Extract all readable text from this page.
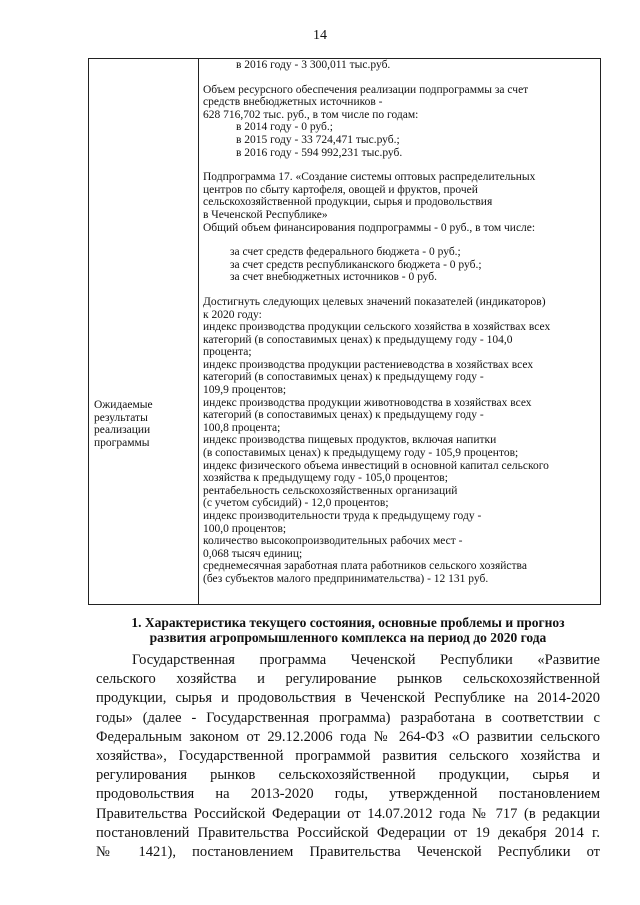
14
Ожидаемые
результаты
реализации
программы
в 2016 году - 3 300,011 тыс.руб.
Объем ресурсного обеспечения реализации подпрограммы за счет
средств внебюджетных источников -
628 716,702 тыс. руб., в том числе по годам:
в 2014 году - 0 руб.;
в 2015 году - 33 724,471 тыс.руб.;
в 2016 году - 594 992,231 тыс.руб.
Подпрограмма 17. «Создание системы оптовых распределительных
центров по сбыту картофеля, овощей и фруктов, прочей
сельскохозяйственной продукции, сырья и продовольствия
в Чеченской Республике»
Общий объем финансирования подпрограммы - 0 руб., в том числе:
за счет средств федерального бюджета - 0 руб.;
за счет средств республиканского бюджета - 0 руб.;
за счет внебюджетных источников - 0 руб.
Достигнуть следующих целевых значений показателей (индикаторов)
к 2020 году:
индекс производства продукции сельского хозяйства в хозяйствах всех
категорий (в сопоставимых ценах) к предыдущему году - 104,0
процента;
индекс производства продукции растениеводства в хозяйствах всех
категорий (в сопоставимых ценах) к предыдущему году -
109,9 процентов;
индекс производства продукции животноводства в хозяйствах всех
категорий (в сопоставимых ценах) к предыдущему году -
100,8 процента;
индекс производства пищевых продуктов, включая напитки
(в сопоставимых ценах) к предыдущему году - 105,9 процентов;
индекс физического объема инвестиций в основной капитал сельского
хозяйства к предыдущему году - 105,0 процентов;
рентабельность сельскохозяйственных организаций
(с учетом субсидий) - 12,0 процентов;
индекс производительности труда к предыдущему году -
100,0 процентов;
количество высокопроизводительных рабочих мест -
0,068 тысяч единиц;
среднемесячная заработная плата работников сельского хозяйства
(без субъектов малого предпринимательства) - 12 131 руб.
1. Характеристика текущего состояния, основные проблемы и прогноз
развития агропромышленного комплекса на период до 2020 года
Государственная программа Чеченской Республики «Развитие
сельского хозяйства и регулирование рынков сельскохозяйственной
продукции, сырья и продовольствия в Чеченской Республике на 2014-2020
годы» (далее - Государственная программа) разработана в соответствии с
Федеральным законом от 29.12.2006 года № 264-ФЗ «О развитии сельского
хозяйства», Государственной программой развития сельского хозяйства и
регулирования рынков сельскохозяйственной продукции, сырья и
продовольствия на 2013-2020 годы, утвержденной постановлением
Правительства Российской Федерации от 14.07.2012 года № 717 (в редакции
постановлений Правительства Российской Федерации от 19 декабря 2014 г.
№ 1421), постановлением Правительства Чеченской Республики от
